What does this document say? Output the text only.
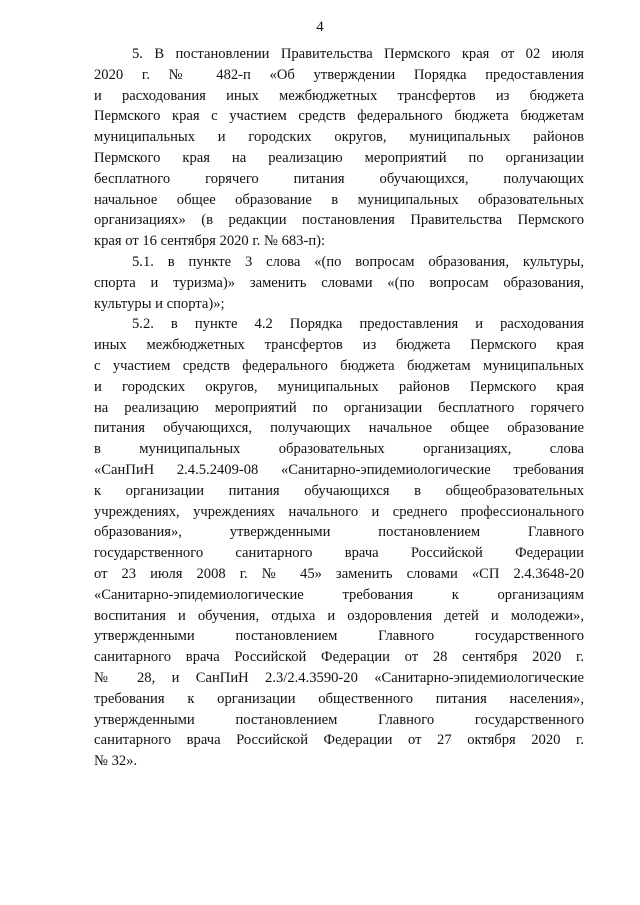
4
5. В постановлении Правительства Пермского края от 02 июля
2020 г. № 482-п «Об утверждении Порядка предоставления
и расходования иных межбюджетных трансфертов из бюджета
Пермского края с участием средств федерального бюджета бюджетам
муниципальных и городских округов, муниципальных районов
Пермского края на реализацию мероприятий по организации
бесплатного горячего питания обучающихся, получающих
начальное общее образование в муниципальных образовательных
организациях» (в редакции постановления Правительства Пермского
края от 16 сентября 2020 г. № 683-п):
5.1. в пункте 3 слова «(по вопросам образования, культуры,
спорта и туризма)» заменить словами «(по вопросам образования,
культуры и спорта)»;
5.2. в пункте 4.2 Порядка предоставления и расходования
иных межбюджетных трансфертов из бюджета Пермского края
с участием средств федерального бюджета бюджетам муниципальных
и городских округов, муниципальных районов Пермского края
на реализацию мероприятий по организации бесплатного горячего
питания обучающихся, получающих начальное общее образование
в муниципальных образовательных организациях, слова
«СанПиН 2.4.5.2409-08 «Санитарно-эпидемиологические требования
к организации питания обучающихся в общеобразовательных
учреждениях, учреждениях начального и среднего профессионального
образования», утвержденными постановлением Главного
государственного санитарного врача Российской Федерации
от 23 июля 2008 г. № 45» заменить словами «СП 2.4.3648-20
«Санитарно-эпидемиологические требования к организациям
воспитания и обучения, отдыха и оздоровления детей и молодежи»,
утвержденными постановлением Главного государственного
санитарного врача Российской Федерации от 28 сентября 2020 г.
№ 28, и СанПиН 2.3/2.4.3590-20 «Санитарно-эпидемиологические
требования к организации общественного питания населения»,
утвержденными постановлением Главного государственного
санитарного врача Российской Федерации от 27 октября 2020 г.
№ 32».
